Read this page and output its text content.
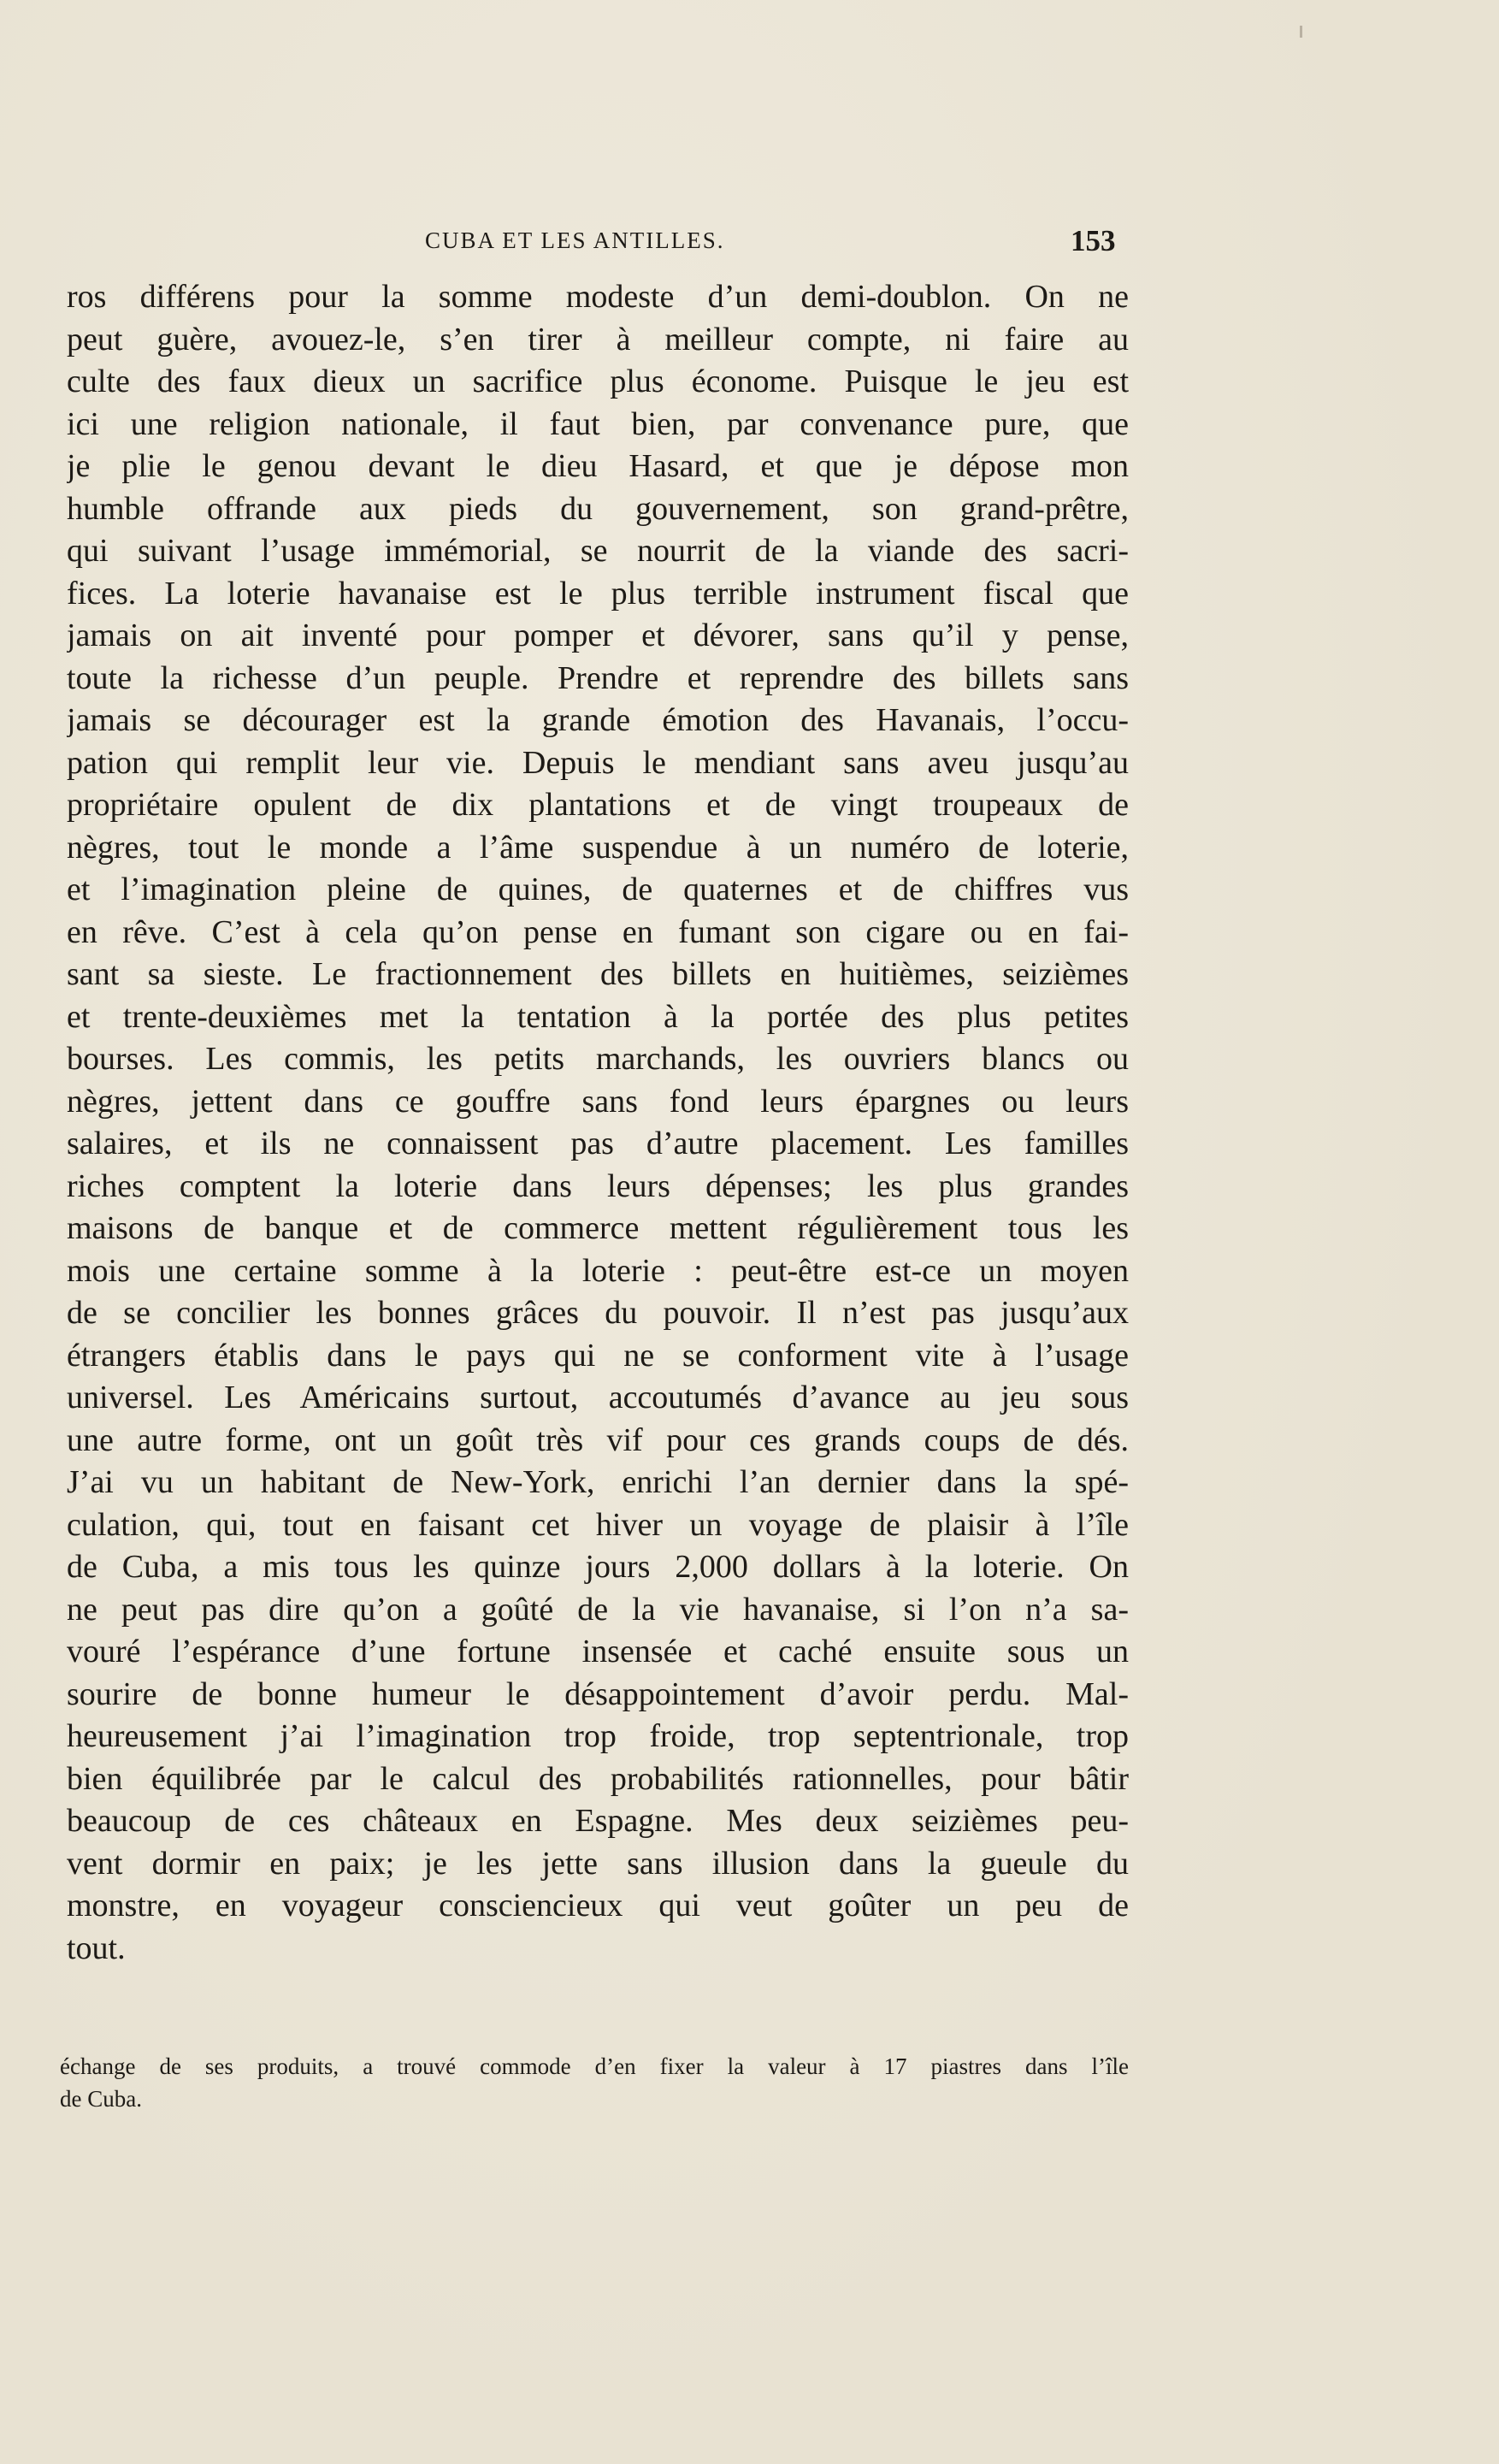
CUBA ET LES ANTILLES.	153
ros différens pour la somme modeste d’un demi-doublon. On ne
peut guère, avouez-le, s’en tirer à meilleur compte, ni faire au
culte des faux dieux un sacrifice plus économe. Puisque le jeu est
ici une religion nationale, il faut bien, par convenance pure, que
je plie le genou devant le dieu Hasard, et que je dépose mon
humble offrande aux pieds du gouvernement, son grand-prêtre,
qui suivant l’usage immémorial, se nourrit de la viande des sacri-
fices. La loterie havanaise est le plus terrible instrument fiscal que
jamais on ait inventé pour pomper et dévorer, sans qu’il y pense,
toute la richesse d’un peuple. Prendre et reprendre des billets sans
jamais se décourager est la grande émotion des Havanais, l’occu-
pation qui remplit leur vie. Depuis le mendiant sans aveu jusqu’au
propriétaire opulent de dix plantations et de vingt troupeaux de
nègres, tout le monde a l’âme suspendue à un numéro de loterie,
et l’imagination pleine de quines, de quaternes et de chiffres vus
en rêve. C’est à cela qu’on pense en fumant son cigare ou en fai-
sant sa sieste. Le fractionnement des billets en huitièmes, seizièmes
et trente-deuxièmes met la tentation à la portée des plus petites
bourses. Les commis, les petits marchands, les ouvriers blancs ou
nègres, jettent dans ce gouffre sans fond leurs épargnes ou leurs
salaires, et ils ne connaissent pas d’autre placement. Les familles
riches comptent la loterie dans leurs dépenses; les plus grandes
maisons de banque et de commerce mettent régulièrement tous les
mois une certaine somme à la loterie : peut-être est-ce un moyen
de se concilier les bonnes grâces du pouvoir. Il n’est pas jusqu’aux
étrangers établis dans le pays qui ne se conforment vite à l’usage
universel. Les Américains surtout, accoutumés d’avance au jeu sous
une autre forme, ont un goût très vif pour ces grands coups de dés.
J’ai vu un habitant de New-York, enrichi l’an dernier dans la spé-
culation, qui, tout en faisant cet hiver un voyage de plaisir à l’île
de Cuba, a mis tous les quinze jours 2,000 dollars à la loterie. On
ne peut pas dire qu’on a goûté de la vie havanaise, si l’on n’a sa-
vouré l’espérance d’une fortune insensée et caché ensuite sous un
sourire de bonne humeur le désappointement d’avoir perdu. Mal-
heureusement j’ai l’imagination trop froide, trop septentrionale, trop
bien équilibrée par le calcul des probabilités rationnelles, pour bâtir
beaucoup de ces châteaux en Espagne. Mes deux seizièmes peu-
vent dormir en paix; je les jette sans illusion dans la gueule du
monstre, en voyageur consciencieux qui veut goûter un peu de
tout.
échange de ses produits, a trouvé commode d’en fixer la valeur à 17 piastres dans l’île
de Cuba.
